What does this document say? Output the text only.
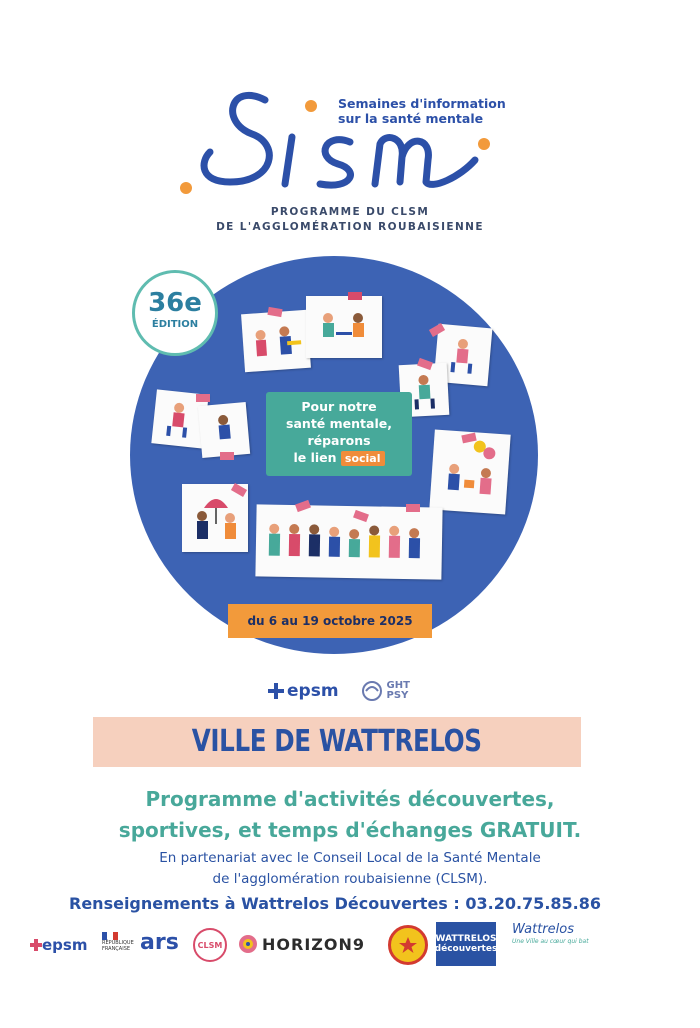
Semaines d'information
sur la santé mentale
PROGRAMME DU CLSM
DE L'AGGLOMÉRATION ROUBAISIENNE
36e
ÉDITION
Pour notre
santé mentale,
réparons
le lien social
du 6 au 19 octobre 2025
epsm	GHT
PSY
VILLE DE WATTRELOS
Programme d'activités découvertes,
sportives, et temps d'échanges GRATUIT.
En partenariat avec le Conseil Local de la Santé Mentale
de l'agglomération roubaisienne (CLSM).
Renseignements à Wattrelos Découvertes : 03.20.75.85.86
epsm	RÉPUBLIQUE
FRANÇAISE ars	CLSM HORIZON9	WATTRELOS
découvertes
Wattrelos
Une Ville au cœur qui bat
